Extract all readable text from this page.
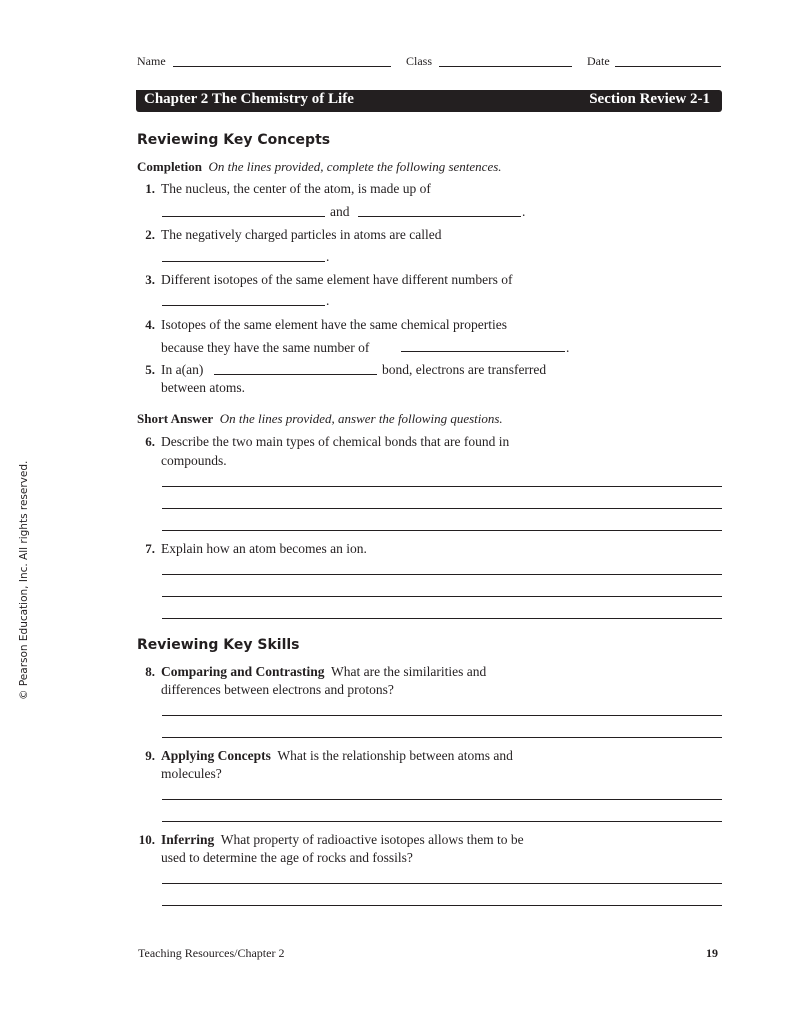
Name	Class	Date
Chapter 2 The Chemistry of Life	Section Review 2-1
Reviewing Key Concepts
Completion On the lines provided, complete the following sentences.
1. The nucleus, the center of the atom, is made up of
and	.
2. The negatively charged particles in atoms are called
.
3. Different isotopes of the same element have different numbers of
.
4. Isotopes of the same element have the same chemical properties
because they have the same number of	.
5. In a(an)	bond, electrons are transferred
between atoms.
Short Answer On the lines provided, answer the following questions.
6. Describe the two main types of chemical bonds that are found in
compounds.
7. Explain how an atom becomes an ion.
Reviewing Key Skills
8. Comparing and Contrasting What are the similarities and
differences between electrons and protons?
9. Applying Concepts What is the relationship between atoms and
molecules?
10. Inferring What property of radioactive isotopes allows them to be
used to determine the age of rocks and fossils?
© Pearson Education, Inc. All rights reserved.
Teaching Resources/Chapter 2	19
